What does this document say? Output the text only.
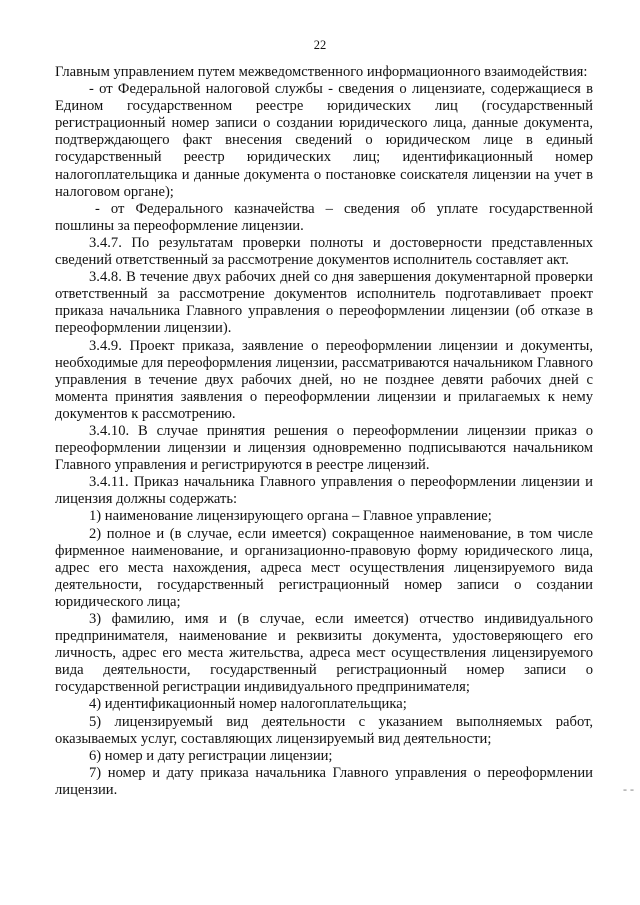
22

Главным управлением путем межведомственного информационного взаимодействия:

- от Федеральной налоговой службы - сведения о лицензиате, содержащиеся в Едином государственном реестре юридических лиц (государственный регистрационный номер записи о создании юридического лица, данные документа, подтверждающего факт внесения сведений о юридическом лице в единый государственный реестр юридических лиц; идентификационный номер налогоплательщика и данные документа о постановке соискателя лицензии на учет в налоговом органе);

- от Федерального казначейства – сведения об уплате государственной пошлины за переоформление лицензии.

3.4.7. По результатам проверки полноты и достоверности представленных сведений ответственный за рассмотрение документов исполнитель составляет акт.

3.4.8. В течение двух рабочих дней со дня завершения документарной проверки ответственный за рассмотрение документов исполнитель подготавливает проект приказа начальника Главного управления о переоформлении лицензии (об отказе в переоформлении лицензии).

3.4.9. Проект приказа, заявление о переоформлении лицензии и документы, необходимые для переоформления лицензии, рассматриваются начальником Главного управления в течение двух рабочих дней, но не позднее девяти рабочих дней с момента принятия заявления о переоформлении лицензии и прилагаемых к нему документов к рассмотрению.

3.4.10. В случае принятия решения о переоформлении лицензии приказ о переоформлении лицензии и лицензия одновременно подписываются начальником Главного управления и регистрируются в реестре лицензий.

3.4.11. Приказ начальника Главного управления о переоформлении лицензии и лицензия должны содержать:

1) наименование лицензирующего органа – Главное управление;

2) полное и (в случае, если имеется) сокращенное наименование, в том числе фирменное наименование, и организационно-правовую форму юридического лица, адрес его места нахождения, адреса мест осуществления лицензируемого вида деятельности, государственный регистрационный номер записи о создании юридического лица;

3) фамилию, имя и (в случае, если имеется) отчество индивидуального предпринимателя, наименование и реквизиты документа, удостоверяющего его личность, адрес его места жительства, адреса мест осуществления лицензируемого вида деятельности, государственный регистрационный номер записи о государственной регистрации индивидуального предпринимателя;

4) идентификационный номер налогоплательщика;

5) лицензируемый вид деятельности с указанием выполняемых работ, оказываемых услуг, составляющих лицензируемый вид деятельности;

6) номер и дату регистрации лицензии;

7) номер и дату приказа начальника Главного управления о переоформлении лицензии.	- -
